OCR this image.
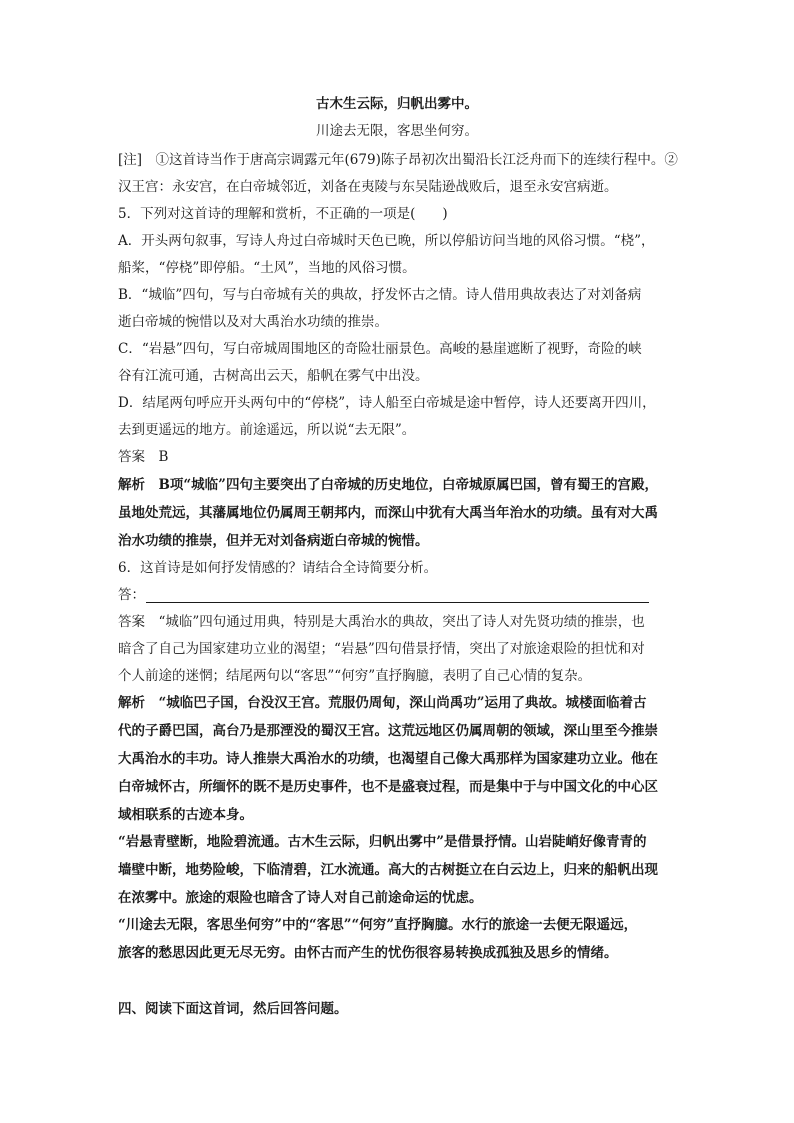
古木生云际，归帆出雾中。
川途去无限，客思坐何穷。
[注]　①这首诗当作于唐高宗调露元年(679)陈子昂初次出蜀沿长江泛舟而下的连续行程中。②
汉王宫：永安宫，在白帝城邻近，刘备在夷陵与东吴陆逊战败后，退至永安宫病逝。
5．下列对这首诗的理解和赏析，不正确的一项是(　　)
A．开头两句叙事，写诗人舟过白帝城时天色已晚，所以停船访问当地的风俗习惯。“桡”，
船桨，“停桡”即停船。“土风”，当地的风俗习惯。
B．“城临”四句，写与白帝城有关的典故，抒发怀古之情。诗人借用典故表达了对刘备病
逝白帝城的惋惜以及对大禹治水功绩的推崇。
C．“岩悬”四句，写白帝城周围地区的奇险壮丽景色。高峻的悬崖遮断了视野，奇险的峡
谷有江流可通，古树高出云天，船帆在雾气中出没。
D．结尾两句呼应开头两句中的“停桡”，诗人船至白帝城是途中暂停，诗人还要离开四川，
去到更遥远的地方。前途遥远，所以说“去无限”。
答案　B
解析　B项“城临”四句主要突出了白帝城的历史地位，白帝城原属巴国，曾有蜀王的宫殿，
虽地处荒远，其藩属地位仍属周王朝邦内，而深山中犹有大禹当年治水的功绩。虽有对大禹
治水功绩的推崇，但并无对刘备病逝白帝城的惋惜。
6．这首诗是如何抒发情感的？请结合全诗简要分析。
答：
答案　“城临”四句通过用典，特别是大禹治水的典故，突出了诗人对先贤功绩的推崇，也
暗含了自己为国家建功立业的渴望；“岩悬”四句借景抒情，突出了对旅途艰险的担忧和对
个人前途的迷惘；结尾两句以“客思”“何穷”直抒胸臆，表明了自己心情的复杂。
解析　“城临巴子国，台没汉王宫。荒服仍周甸，深山尚禹功”运用了典故。城楼面临着古
代的子爵巴国，高台乃是那湮没的蜀汉王宫。这荒远地区仍属周朝的领域，深山里至今推崇
大禹治水的丰功。诗人推崇大禹治水的功绩，也渴望自己像大禹那样为国家建功立业。他在
白帝城怀古，所缅怀的既不是历史事件，也不是盛衰过程，而是集中于与中国文化的中心区
域相联系的古迹本身。
“岩悬青壁断，地险碧流通。古木生云际，归帆出雾中”是借景抒情。山岩陡峭好像青青的
墙壁中断，地势险峻，下临清碧，江水流通。高大的古树挺立在白云边上，归来的船帆出现
在浓雾中。旅途的艰险也暗含了诗人对自己前途命运的忧虑。
“川途去无限，客思坐何穷”中的“客思”“何穷”直抒胸臆。水行的旅途一去便无限遥远，
旅客的愁思因此更无尽无穷。由怀古而产生的忧伤很容易转换成孤独及思乡的情绪。
四、阅读下面这首词，然后回答问题。
